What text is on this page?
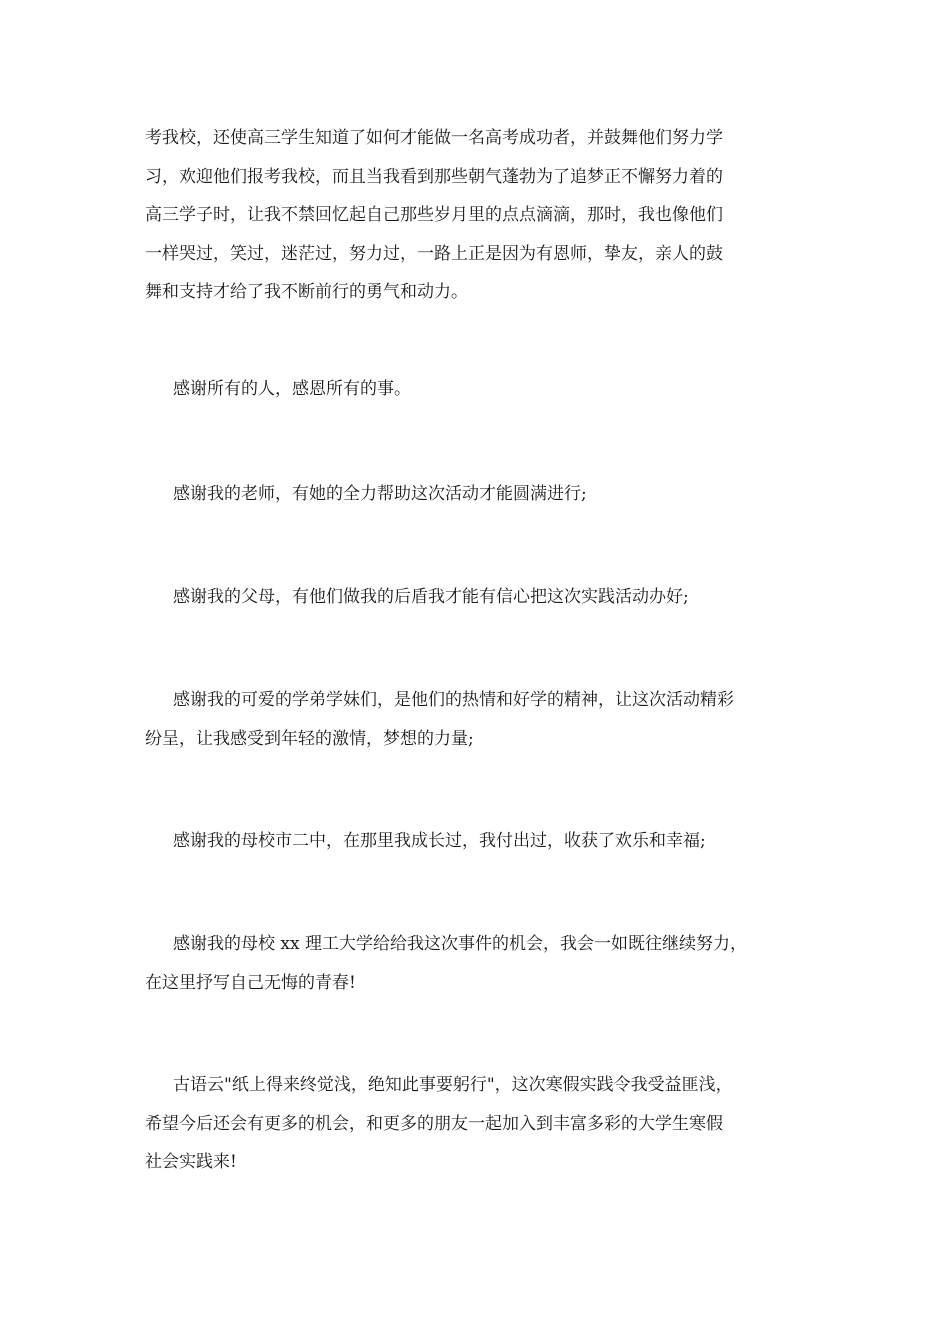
考我校，还使高三学生知道了如何才能做一名高考成功者，并鼓舞他们努力学
习，欢迎他们报考我校，而且当我看到那些朝气蓬勃为了追梦正不懈努力着的
高三学子时，让我不禁回忆起自己那些岁月里的点点滴滴，那时，我也像他们
一样哭过，笑过，迷茫过，努力过，一路上正是因为有恩师，挚友，亲人的鼓
舞和支持才给了我不断前行的勇气和动力。

感谢所有的人，感恩所有的事。

感谢我的老师，有她的全力帮助这次活动才能圆满进行;

感谢我的父母，有他们做我的后盾我才能有信心把这次实践活动办好;

感谢我的可爱的学弟学妹们，是他们的热情和好学的精神，让这次活动精彩
纷呈，让我感受到年轻的激情，梦想的力量;

感谢我的母校市二中，在那里我成长过，我付出过，收获了欢乐和幸福;

感谢我的母校 xx 理工大学给给我这次事件的机会，我会一如既往继续努力，
在这里抒写自己无悔的青春!

古语云"纸上得来终觉浅，绝知此事要躬行"，这次寒假实践令我受益匪浅，
希望今后还会有更多的机会，和更多的朋友一起加入到丰富多彩的大学生寒假
社会实践来!
